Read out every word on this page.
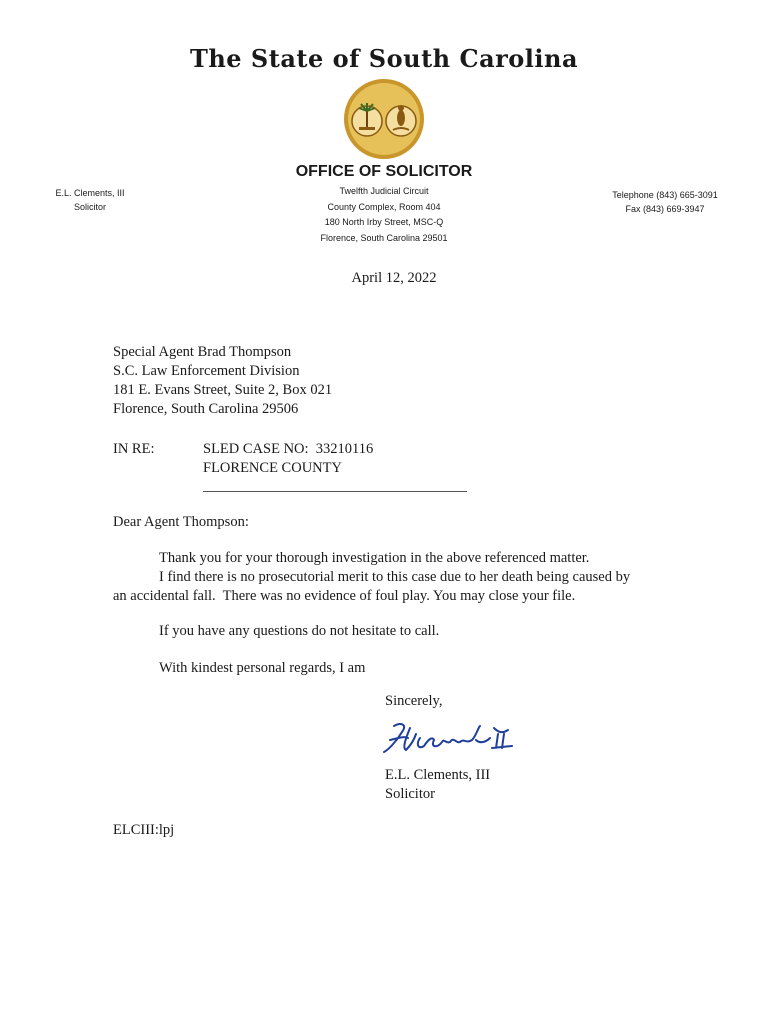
The State of South Carolina
OFFICE OF SOLICITOR
Twelfth Judicial Circuit
County Complex, Room 404
180 North Irby Street, MSC-Q
Florence, South Carolina 29501
E.L. Clements, III
Solicitor
Telephone (843) 665-3091
Fax (843) 669-3947
April 12, 2022
Special Agent Brad Thompson
S.C. Law Enforcement Division
181 E. Evans Street, Suite 2, Box 021
Florence, South Carolina 29506
IN RE:	SLED CASE NO:  33210116
FLORENCE COUNTY
Dear Agent Thompson:
Thank you for your thorough investigation in the above referenced matter.
I find there is no prosecutorial merit to this case due to her death being caused by
an accidental fall.  There was no evidence of foul play. You may close your file.
If you have any questions do not hesitate to call.
With kindest personal regards, I am
Sincerely,
E.L. Clements, III
Solicitor
ELCIII:lpj
